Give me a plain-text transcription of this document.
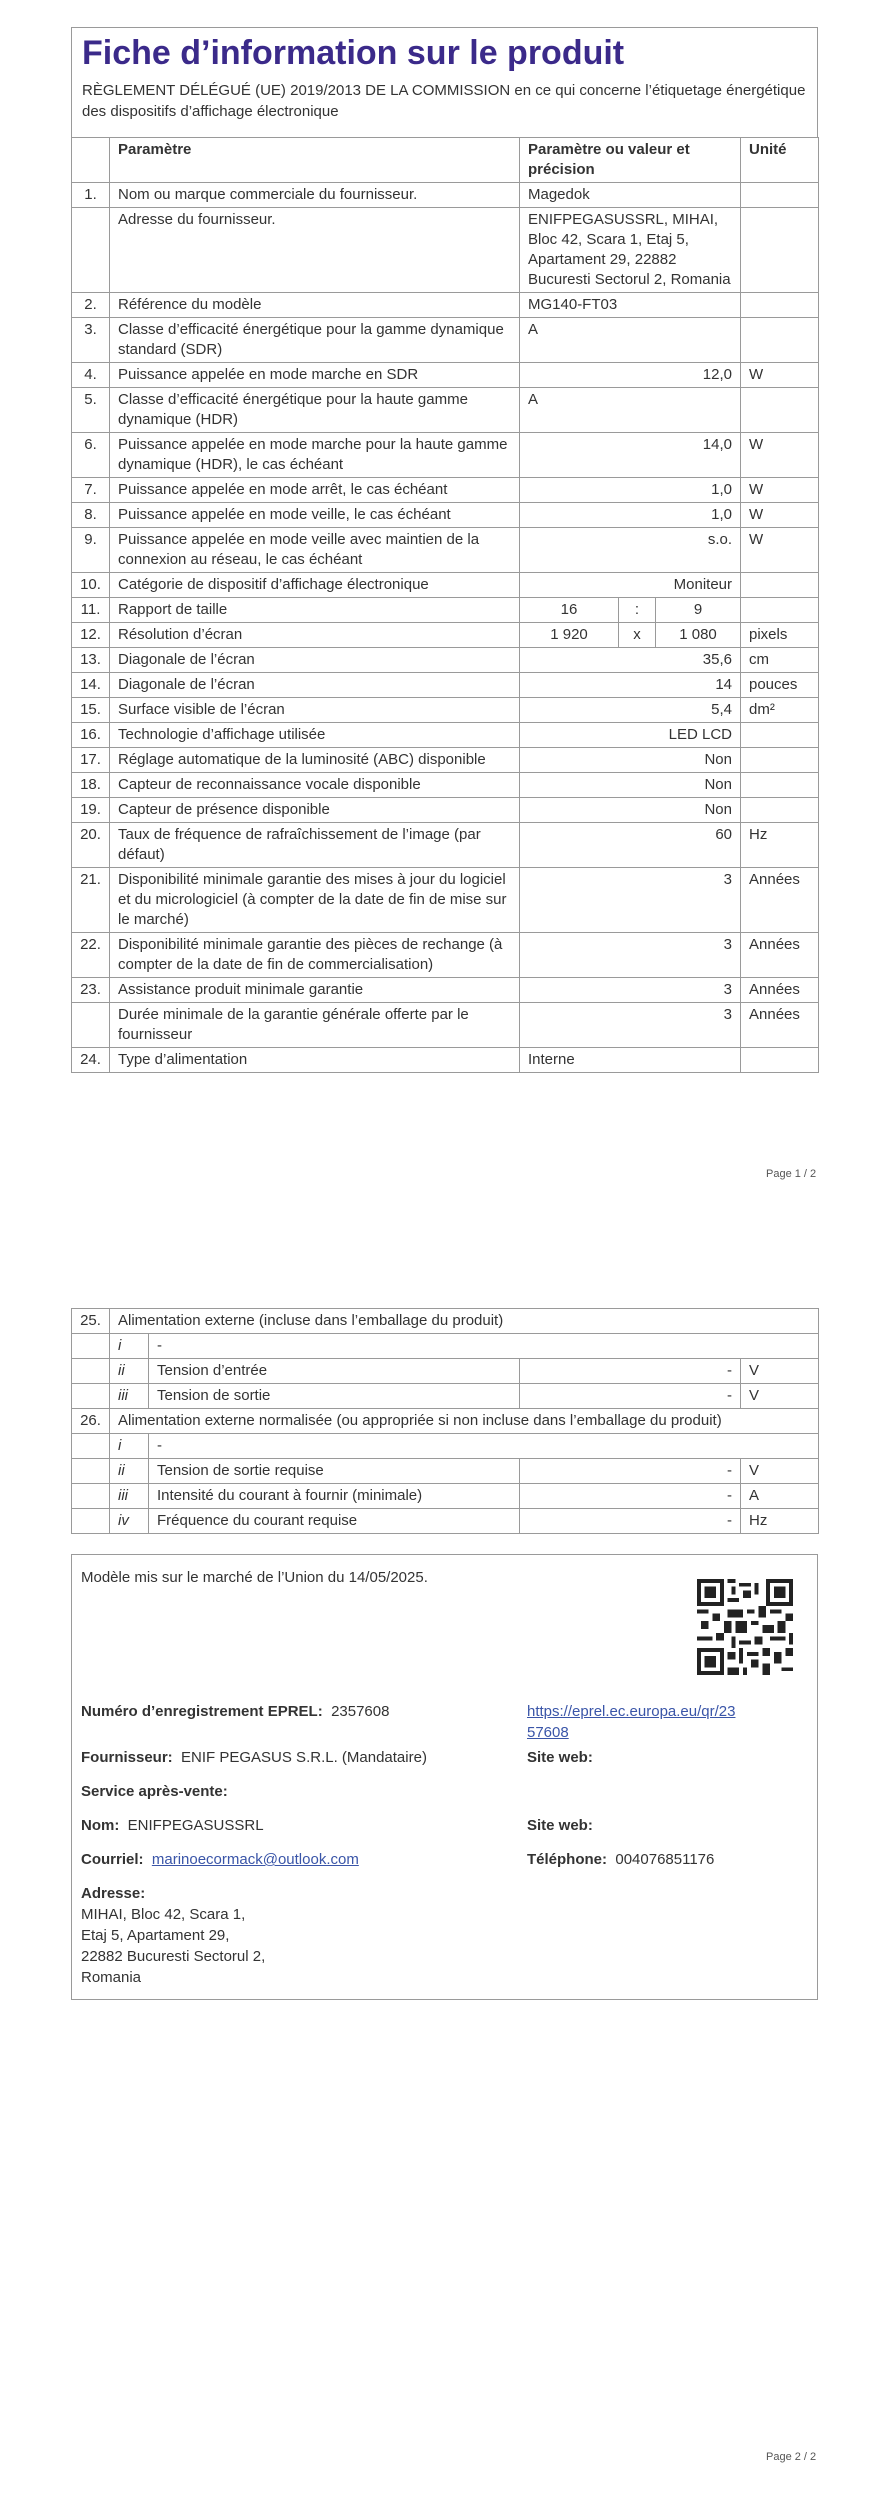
Fiche d’information sur le produit
RÈGLEMENT DÉLÉGUÉ (UE) 2019/2013 DE LA COMMISSION en ce qui concerne l’étiquetage énergétique des dispositifs d’affichage électronique
	Paramètre	Paramètre ou valeur et précision	Unité
1.	Nom ou marque commerciale du fournisseur.	Magedok	
	Adresse du fournisseur.	ENIFPEGASUSSRL, MIHAI, Bloc 42, Scara 1, Etaj 5, Apartament 29, 22882 Bucuresti Sectorul 2, Romania	
2.	Référence du modèle	MG140-FT03	
3.	Classe d’efficacité énergétique pour la gamme dynamique standard (SDR)	A	
4.	Puissance appelée en mode marche en SDR	12,0	W
5.	Classe d’efficacité énergétique pour la haute gamme dynamique (HDR)	A	
6.	Puissance appelée en mode marche pour la haute gamme dynamique (HDR), le cas échéant	14,0	W
7.	Puissance appelée en mode arrêt, le cas échéant	1,0	W
8.	Puissance appelée en mode veille, le cas échéant	1,0	W
9.	Puissance appelée en mode veille avec maintien de la connexion au réseau, le cas échéant	s.o.	W
10.	Catégorie de dispositif d’affichage électronique	Moniteur	
11.	Rapport de taille	16 : 9	

12.	Résolution d’écran	1 920 x 1 080	pixels
13.	Diagonale de l’écran	35,6	cm
14.	Diagonale de l’écran	14	pouces
15.	Surface visible de l’écran	5,4	dm²
16.	Technologie d’affichage utilisée	LED LCD	
17.	Réglage automatique de la luminosité (ABC) disponible	Non	
18.	Capteur de reconnaissance vocale disponible	Non	
19.	Capteur de présence disponible	Non	
20.	Taux de fréquence de rafraîchissement de l’image (par défaut)	60	Hz
21.	Disponibilité minimale garantie des mises à jour du logiciel et du micrologiciel (à compter de la date de fin de mise sur le marché)	3	Années
22.	Disponibilité minimale garantie des pièces de rechange (à compter de la date de fin de commercialisation)	3	Années
23.	Assistance produit minimale garantie	3	Années
	Durée minimale de la garantie générale offerte par le fournisseur	3	Années
24.	Type d’alimentation	Interne	
Page 1 / 2
25.	Alimentation externe (incluse dans l’emballage du produit)			
	i	-		
	ii	Tension d’entrée	-	V
	iii	Tension de sortie	-	V
26.	Alimentation externe normalisée (ou appropriée si non incluse dans l’emballage du produit)			
	i	-		
	ii	Tension de sortie requise	-	V
	iii	Intensité du courant à fournir (minimale)	-	A
	iv	Fréquence du courant requise	-	Hz
Modèle mis sur le marché de l’Union du 14/05/2025.
Numéro d’enregistrement EPREL: 2357608	https://eprel.ec.europa.eu/qr/23
57608
Fournisseur: ENIF PEGASUS S.R.L. (Mandataire)	Site web:
Service après-vente:
Nom: ENIFPEGASUSSRL	Site web:
Courriel: marinoecormack@outlook.com	Téléphone: 004076851176
Adresse:
MIHAI, Bloc 42, Scara 1,
Etaj 5, Apartament 29,
22882 Bucuresti Sectorul 2,
Romania
Page 2 / 2
